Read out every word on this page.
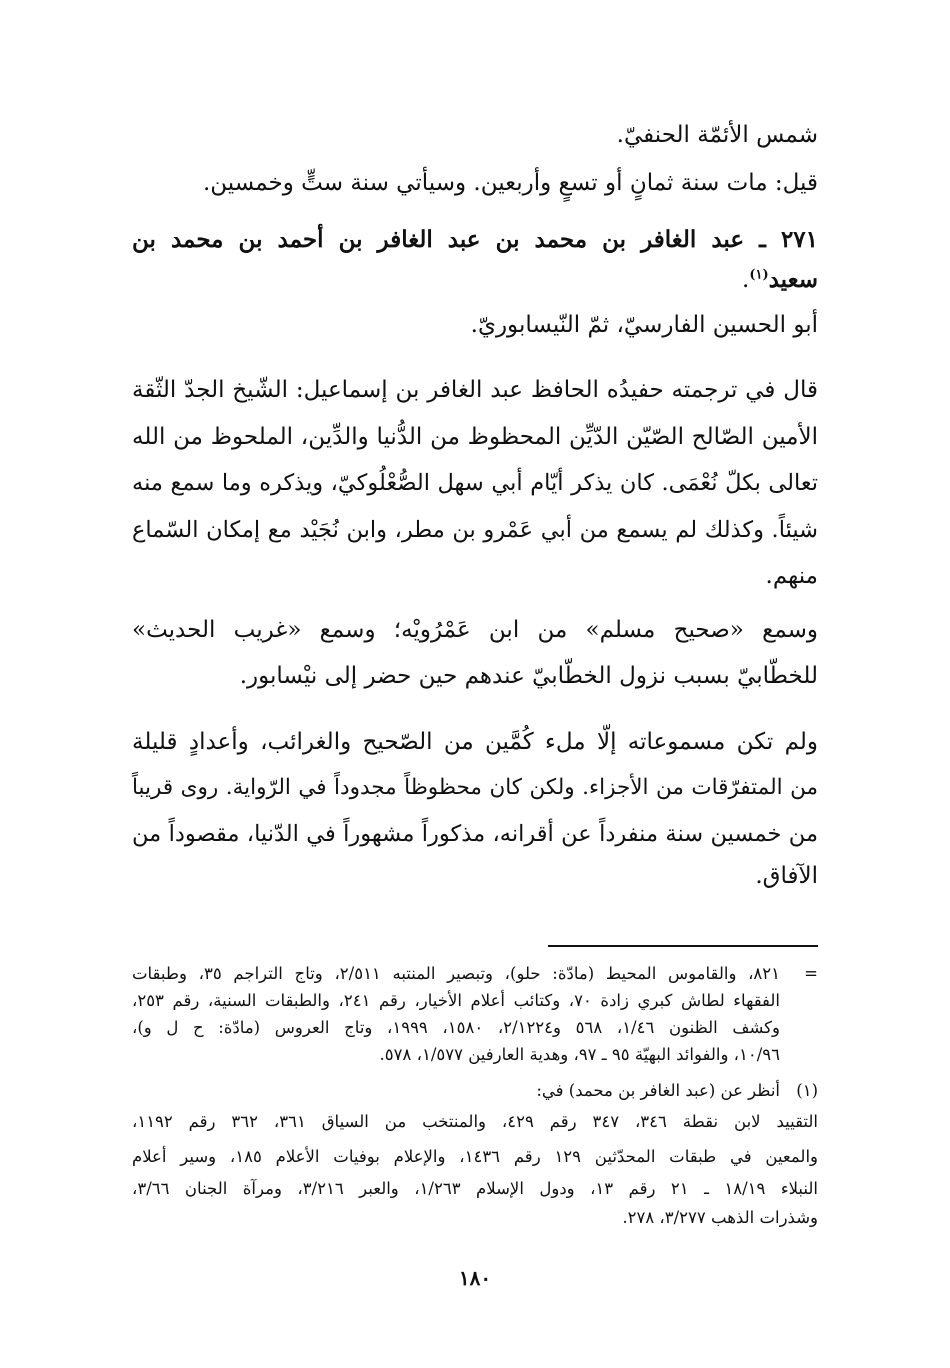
شمس الأئمّة الحنفيّ.
قيل: مات سنة ثمانٍ أو تسعٍ وأربعين. وسيأتي سنة ستٍّ وخمسين.
٢٧١ ـ عبد الغافر بن محمد بن عبد الغافر بن أحمد بن محمد بن
سعيد$^{(١)}$.
أبو الحسين الفارسيّ، ثمّ النّيسابوريّ.
قال في ترجمته حفيدُه الحافظ عبد الغافر بن إسماعيل: الشّيخ الجدّ الثّقة
الأمين الصّالح الصّيّن الدّيِّن المحظوظ من الدُّنيا والدِّين، الملحوظ من الله
تعالى بكلّ نُعْمَى. كان يذكر أيّام أبي سهل الصُّعْلُوكيّ، ويذكره وما سمع منه
شيئاً. وكذلك لم يسمع من أبي عَمْرو بن مطر، وابن نُجَيْد مع إمكان السّماع
منهم.
وسمع «صحيح مسلم» من ابن عَمْرُويْه؛ وسمع «غريب الحديث»
للخطّابيّ بسبب نزول الخطّابيّ عندهم حين حضر إلى نيْسابور.
ولم تكن مسموعاته إلّا ملء كُمَّين من الصّحيح والغرائب، وأعدادٍ قليلة
من المتفرّقات من الأجزاء. ولكن كان محظوظاً مجدوداً في الرّواية. روى قريباً
من خمسين سنة منفرداً عن أقرانه، مذكوراً مشهوراً في الدّنيا، مقصوداً من
الآفاق.
=
٨٢١، والقاموس المحيط (مادّة: حلو)، وتبصير المنتبه ٢/٥١١، وتاج التراجم ٣٥، وطبقات
الفقهاء لطاش كبري زادة ٧٠، وكتائب أعلام الأخيار، رقم ٢٤١، والطبقات السنية، رقم ٢٥٣،
وكشف الظنون ١/٤٦، ٥٦٨ و٢/١٢٢٤، ١٥٨٠، ١٩٩٩، وتاج العروس (مادّة: ح ل و)،
١٠/٩٦، والفوائد البهيّة ٩٥ ـ ٩٧، وهدية العارفين ١/٥٧٧، ٥٧٨.
(١)
أنظر عن (عبد الغافر بن محمد) في:
التقييد لابن نقطة ٣٤٦، ٣٤٧ رقم ٤٢٩، والمنتخب من السياق ٣٦١، ٣٦٢ رقم ١١٩٢،
والمعين في طبقات المحدّثين ١٢٩ رقم ١٤٣٦، والإعلام بوفيات الأعلام ١٨٥، وسير أعلام
النبلاء ١٨/١٩ ـ ٢١ رقم ١٣، ودول الإسلام ١/٢٦٣، والعبر ٣/٢١٦، ومرآة الجنان ٣/٦٦،
وشذرات الذهب ٣/٢٧٧، ٢٧٨.
١٨٠
